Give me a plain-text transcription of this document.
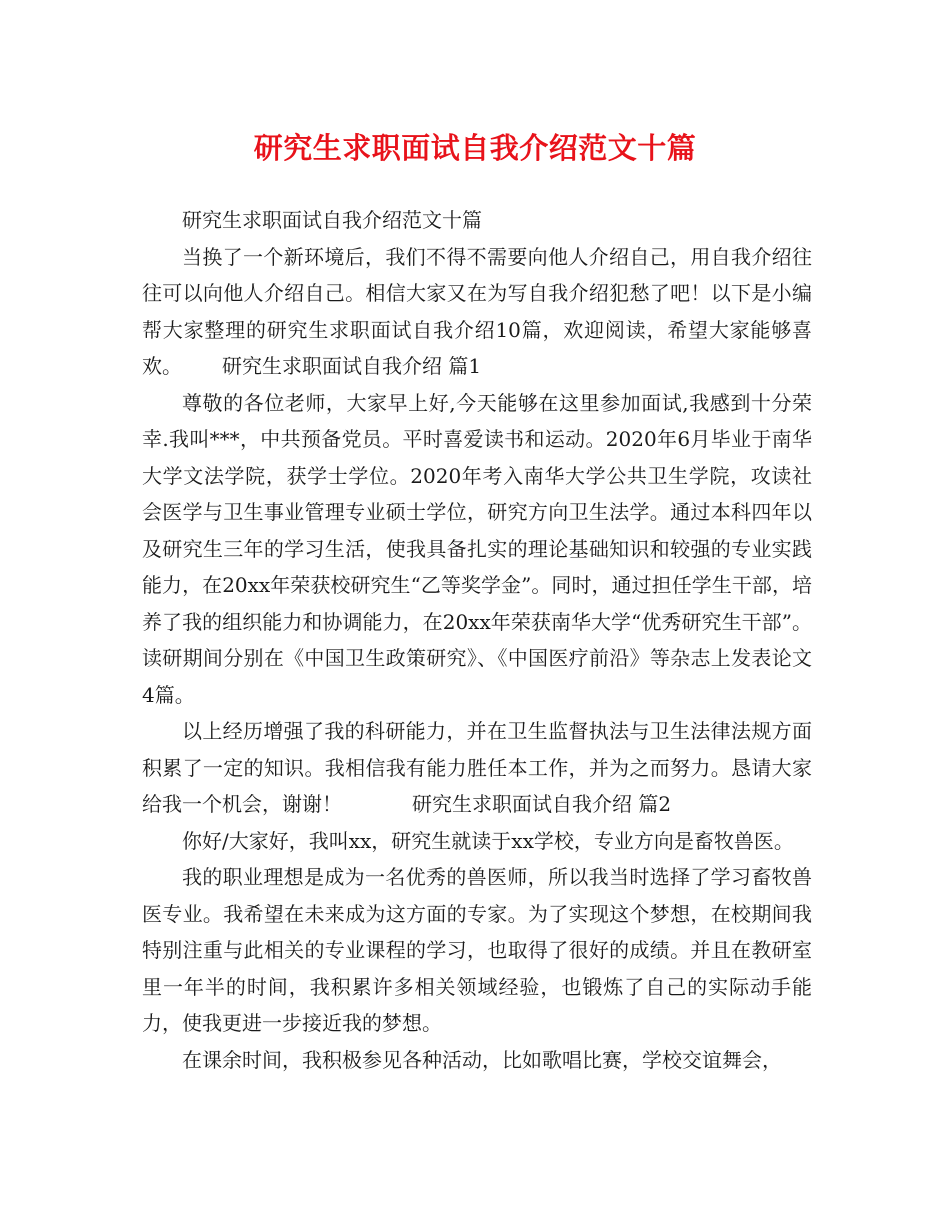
研究生求职面试自我介绍范文十篇

研究生求职面试自我介绍范文十篇

当换了一个新环境后，我们不得不需要向他人介绍自己，用自我介绍往往可以向他人介绍自己。相信大家又在为写自我介绍犯愁了吧！以下是小编帮大家整理的研究生求职面试自我介绍10篇，欢迎阅读，希望大家能够喜欢。 研究生求职面试自我介绍 篇1

尊敬的各位老师，大家早上好,今天能够在这里参加面试,我感到十分荣幸.我叫***，中共预备党员。平时喜爱读书和运动。2020年6月毕业于南华大学文法学院，获学士学位。2020年考入南华大学公共卫生学院，攻读社会医学与卫生事业管理专业硕士学位，研究方向卫生法学。通过本科四年以及研究生三年的学习生活，使我具备扎实的理论基础知识和较强的专业实践能力，在20xx年荣获校研究生“乙等奖学金”。同时，通过担任学生干部，培养了我的组织能力和协调能力，在20xx年荣获南华大学“优秀研究生干部”。读研期间分别在《中国卫生政策研究》、《中国医疗前沿》等杂志上发表论文4篇。

以上经历增强了我的科研能力，并在卫生监督执法与卫生法律法规方面积累了一定的知识。我相信我有能力胜任本工作，并为之而努力。恳请大家给我一个机会，谢谢！	研究生求职面试自我介绍 篇2

你好/大家好，我叫xx，研究生就读于xx学校，专业方向是畜牧兽医。

我的职业理想是成为一名优秀的兽医师，所以我当时选择了学习畜牧兽医专业。我希望在未来成为这方面的专家。为了实现这个梦想，在校期间我特别注重与此相关的专业课程的学习，也取得了很好的成绩。并且在教研室里一年半的时间，我积累许多相关领域经验，也锻炼了自己的实际动手能力，使我更进一步接近我的梦想。

在课余时间，我积极参见各种活动，比如歌唱比赛，学校交谊舞会，
